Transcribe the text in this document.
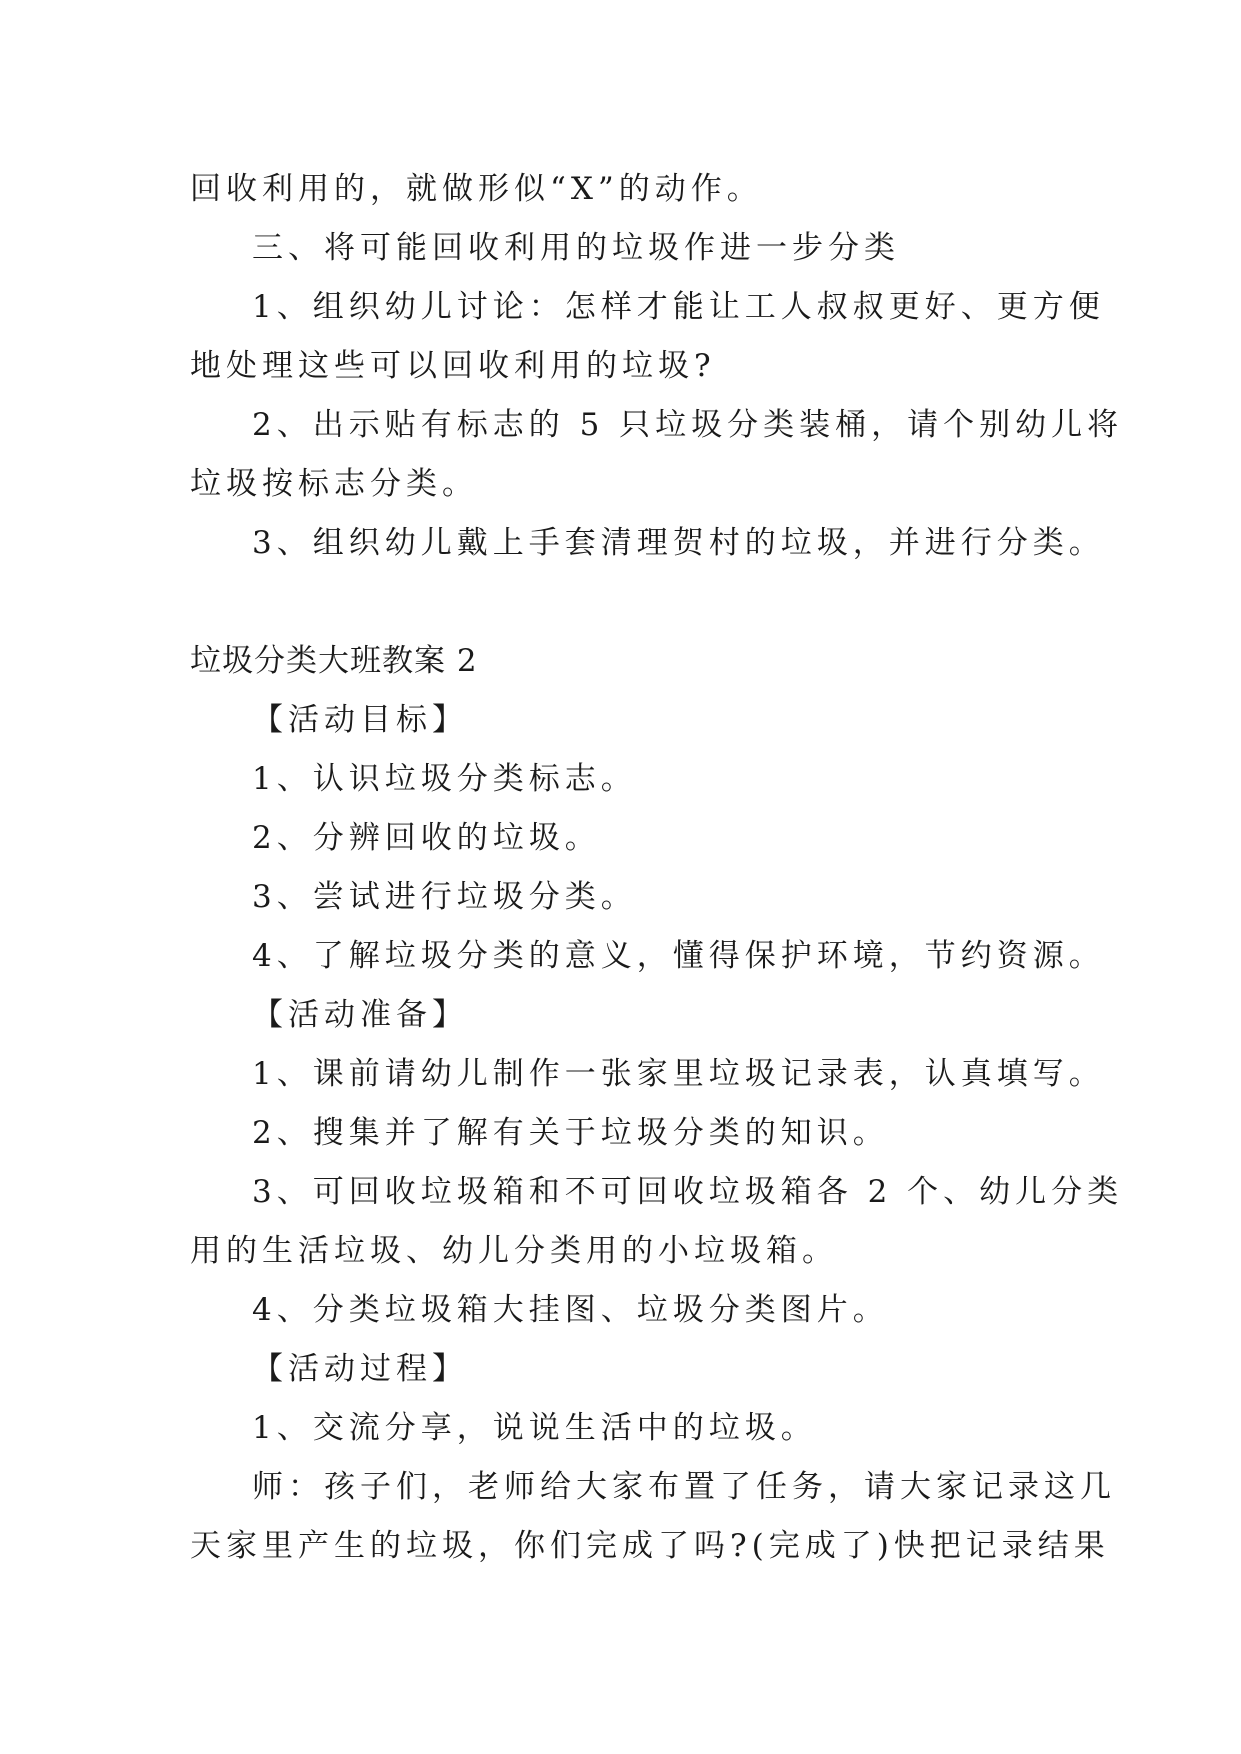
回收利用的，就做形似“X”的动作。
三、将可能回收利用的垃圾作进一步分类
1、组织幼儿讨论：怎样才能让工人叔叔更好、更方便
地处理这些可以回收利用的垃圾?
2、出示贴有标志的 5 只垃圾分类装桶，请个别幼儿将
垃圾按标志分类。
3、组织幼儿戴上手套清理贺村的垃圾，并进行分类。
垃圾分类大班教案 2
【活动目标】
1、认识垃圾分类标志。
2、分辨回收的垃圾。
3、尝试进行垃圾分类。
4、了解垃圾分类的意义，懂得保护环境，节约资源。
【活动准备】
1、课前请幼儿制作一张家里垃圾记录表，认真填写。
2、搜集并了解有关于垃圾分类的知识。
3、可回收垃圾箱和不可回收垃圾箱各 2 个、幼儿分类
用的生活垃圾、幼儿分类用的小垃圾箱。
4、分类垃圾箱大挂图、垃圾分类图片。
【活动过程】
1、交流分享，说说生活中的垃圾。
师：孩子们，老师给大家布置了任务，请大家记录这几
天家里产生的垃圾，你们完成了吗?(完成了)快把记录结果
